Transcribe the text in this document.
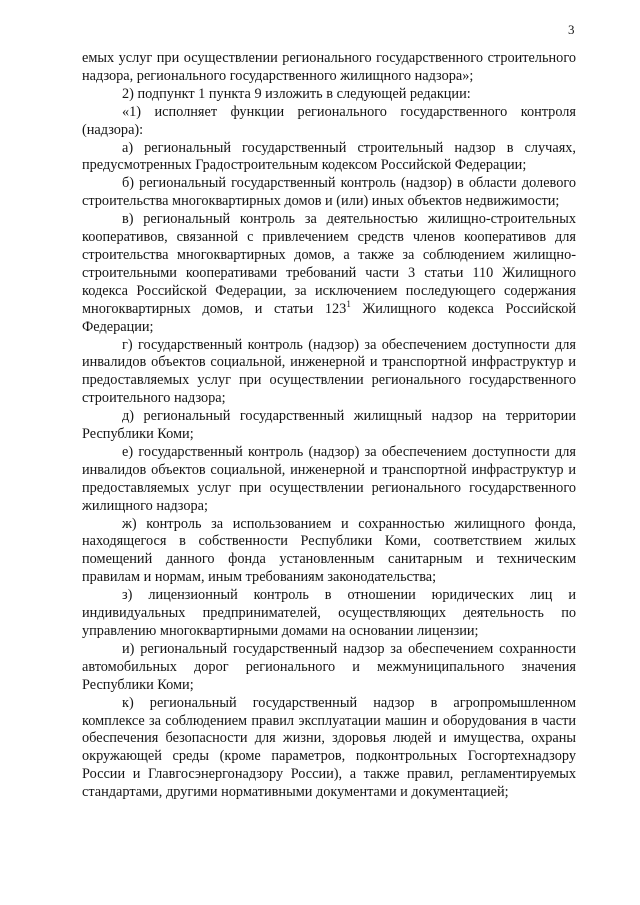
3

емых услуг при осуществлении регионального государственного строительного надзора, регионального государственного жилищного надзора»;

2) подпункт 1 пункта 9 изложить в следующей редакции:

«1) исполняет функции регионального государственного контроля (надзора):

а) региональный государственный строительный надзор в случаях, предусмотренных Градостроительным кодексом Российской Федерации;

б) региональный государственный контроль (надзор) в области долевого строительства многоквартирных домов и (или) иных объектов недвижимости;

в) региональный контроль за деятельностью жилищно-строительных кооперативов, связанной с привлечением средств членов кооперативов для строительства многоквартирных домов, а также за соблюдением жилищно-строительными кооперативами требований части 3 статьи 110 Жилищного кодекса Российской Федерации, за исключением последующего содержания многоквартирных домов, и статьи $123^1$ Жилищного кодекса Российской Федерации;

г) государственный контроль (надзор) за обеспечением доступности для инвалидов объектов социальной, инженерной и транспортной инфраструктур и предоставляемых услуг при осуществлении регионального государственного строительного надзора;

д) региональный государственный жилищный надзор на территории Республики Коми;

е) государственный контроль (надзор) за обеспечением доступности для инвалидов объектов социальной, инженерной и транспортной инфраструктур и предоставляемых услуг при осуществлении регионального государственного жилищного надзора;

ж) контроль за использованием и сохранностью жилищного фонда, находящегося в собственности Республики Коми, соответствием жилых помещений данного фонда установленным санитарным и техническим правилам и нормам, иным требованиям законодательства;

з) лицензионный контроль в отношении юридических лиц и индивидуальных предпринимателей, осуществляющих деятельность по управлению многоквартирными домами на основании лицензии;

и) региональный государственный надзор за обеспечением сохранности автомобильных дорог регионального и межмуниципального значения Республики Коми;

к) региональный государственный надзор в агропромышленном комплексе за соблюдением правил эксплуатации машин и оборудования в части обеспечения безопасности для жизни, здоровья людей и имущества, охраны окружающей среды (кроме параметров, подконтрольных Госгортехнадзору России и Главгосэнергонадзору России), а также правил, регламентируемых стандартами, другими нормативными документами и документацией;
